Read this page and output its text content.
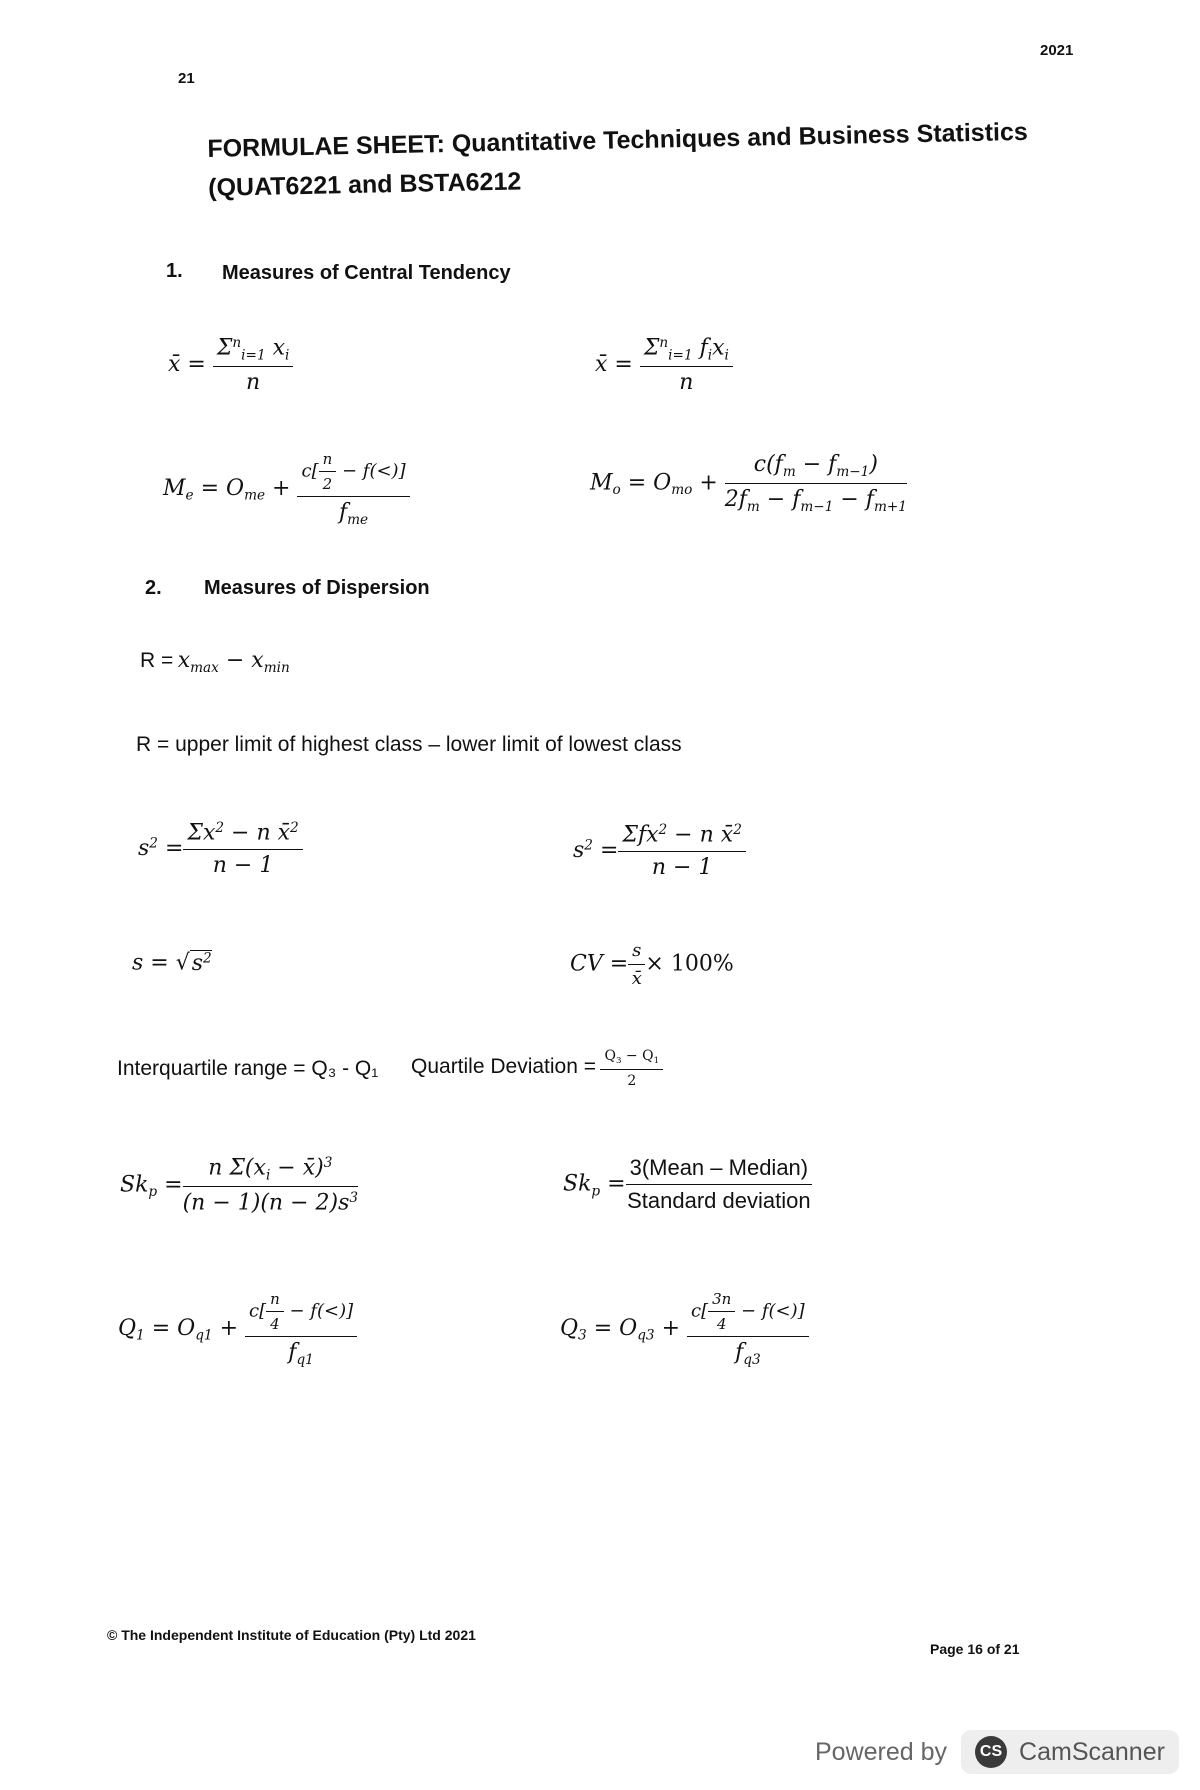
2021
21
FORMULAE SHEET: Quantitative Techniques and Business Statistics
(QUAT6221 and BSTA6212
1. Measures of Central Tendency
x̄ = $\frac{\Sigma^n_{i=1} x_i}{n}$	x̄ = $\frac{\Sigma^n_{i=1} f_ix_i}{n}$
$M_e = O_{me} + \frac{c[ \frac{n}{2} - f(<)]}{f_{me}}$	$M_o = O_{mo} + \frac{c(f_m - f_{m-1})}{2f_m - f_{m-1} - f_{m+1}}$
2. Measures of Dispersion
$R = x_{max} - x_{min}$
R = upper limit of highest class – lower limit of lowest class
$s^2 = \frac{\Sigma x^2 - n x̄^2}{n - 1}$	$s^2 = \frac{\Sigma fx^2 - n x̄^2}{n - 1}$
$s = √s^2$	CV = $\frac{s}{x̄} \times 100\%$
Interquartile range = Q₃ - Q₁ Quartile Deviation = $\frac{Q_3 - Q_1}{2}$
$Sk_p = \frac{n \Sigma(x_i - x̄)^3}{(n - 1)(n - 2)s^3}$	$Sk_p = \frac{\text{3(Mean – Median)}}{\text{Standard deviation}}$
$Q_1 = O_{q1} + \frac{c[ \frac{n}{4} - f(<)]}{f_{q1}}$	$Q_3 = O_{q3} + \frac{c[ \frac{3n}{4} - f(<)]}{f_{q3}}$
© The Independent Institute of Education (Pty) Ltd 2021
Page 16 of 21
Powered by	CS CamScanner
